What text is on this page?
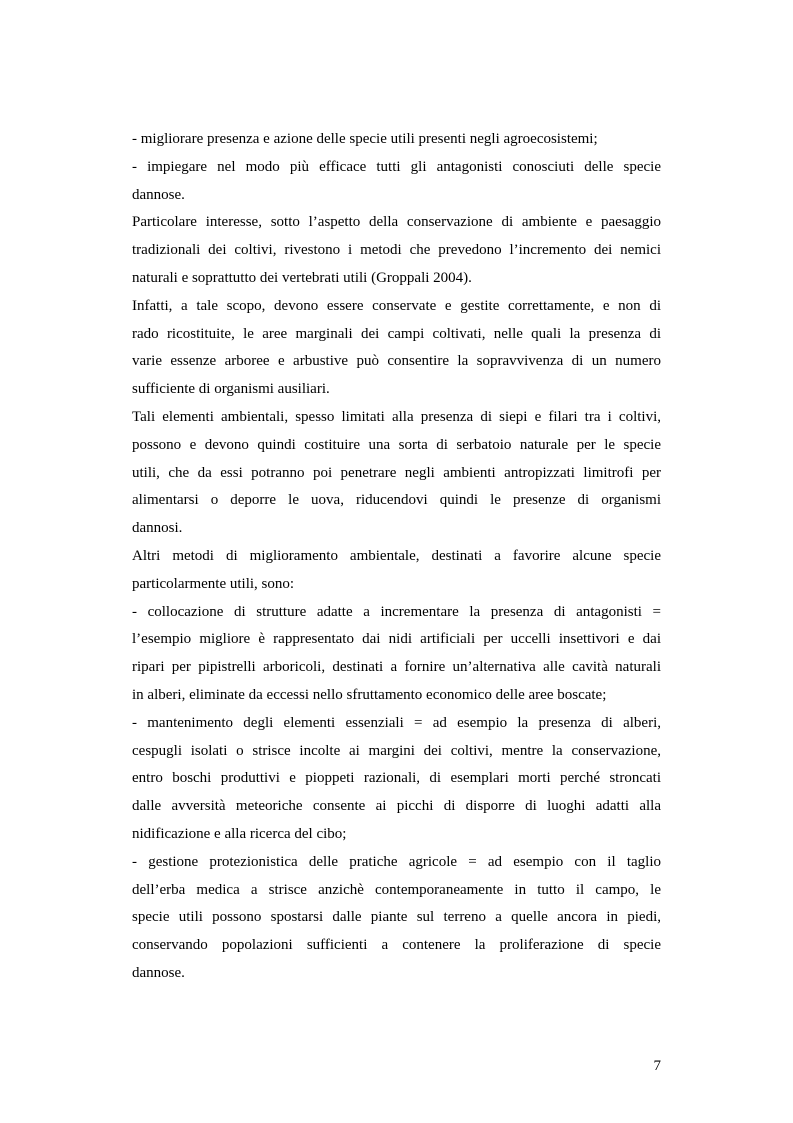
- migliorare presenza e azione delle specie utili presenti negli agroecosistemi;
- impiegare nel modo più efficace tutti gli antagonisti conosciuti delle specie
dannose.
Particolare interesse, sotto l’aspetto della conservazione di ambiente e paesaggio
tradizionali dei coltivi, rivestono i metodi che prevedono l’incremento dei nemici
naturali e soprattutto dei vertebrati utili (Groppali 2004).
Infatti, a tale scopo, devono essere conservate e gestite correttamente, e non di
rado ricostituite, le aree marginali dei campi coltivati, nelle quali la presenza di
varie essenze arboree e arbustive può consentire la sopravvivenza di un numero
sufficiente di organismi ausiliari.
Tali elementi ambientali, spesso limitati alla presenza di siepi e filari tra i coltivi,
possono e devono quindi costituire una sorta di serbatoio naturale per le specie
utili, che da essi potranno poi penetrare negli ambienti antropizzati limitrofi per
alimentarsi o deporre le uova, riducendovi quindi le presenze di organismi
dannosi.
Altri metodi di miglioramento ambientale, destinati a favorire alcune specie
particolarmente utili, sono:
- collocazione di strutture adatte a incrementare la presenza di antagonisti =
l’esempio migliore è rappresentato dai nidi artificiali per uccelli insettivori e dai
ripari per pipistrelli arboricoli, destinati a fornire un’alternativa alle cavità naturali
in alberi, eliminate da eccessi nello sfruttamento economico delle aree boscate;
- mantenimento degli elementi essenziali = ad esempio la presenza di alberi,
cespugli isolati o strisce incolte ai margini dei coltivi, mentre la conservazione,
entro boschi produttivi e pioppeti razionali, di esemplari morti perché stroncati
dalle avversità meteoriche consente ai picchi di disporre di luoghi adatti alla
nidificazione e alla ricerca del cibo;
- gestione protezionistica delle pratiche agricole = ad esempio con il taglio
dell’erba medica a strisce anzichè contemporaneamente in tutto il campo, le
specie utili possono spostarsi dalle piante sul terreno a quelle ancora in piedi,
conservando popolazioni sufficienti a contenere la proliferazione di specie
dannose.
7
